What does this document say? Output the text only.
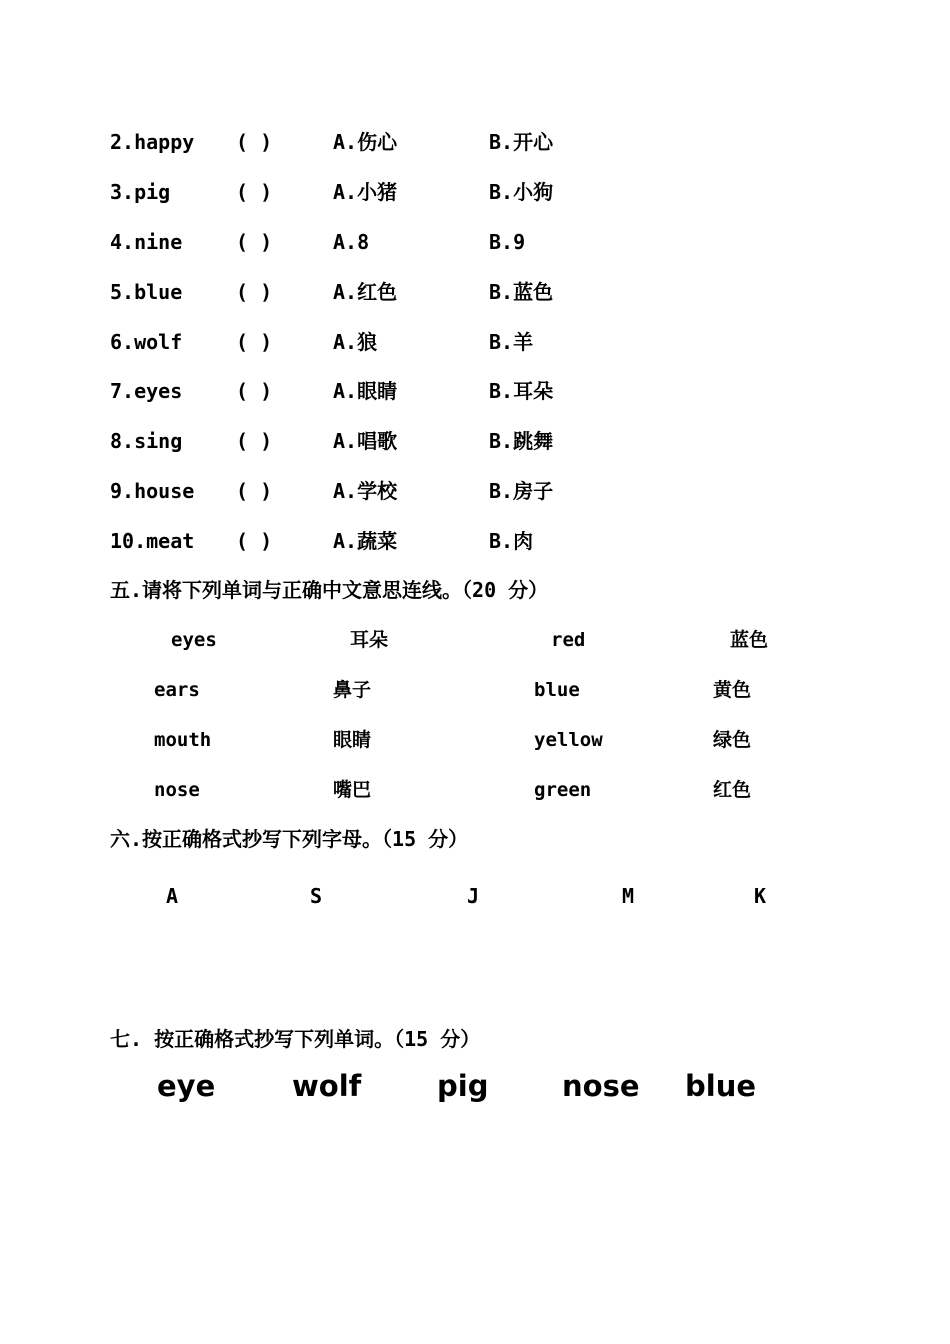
2.happy ( )	A.伤心	B.开心
3.pig	( )	A.小猪	B.小狗
4.nine	( )	A.8	B.9
5.blue	( )	A.红色	B.蓝色
6.wolf	( )	A.狼	B.羊
7.eyes	( )	A.眼睛	B.耳朵
8.sing	( )	A.唱歌	B.跳舞
9.house ( )	A.学校	B.房子
10.meat ( )	A.蔬菜	B.肉
五.请将下列单词与正确中文意思连线。（20 分）
eyes	耳朵	red	蓝色
ears	鼻子	blue	黄色
mouth	眼睛	yellow	绿色
nose	嘴巴	green	红色
六.按正确格式抄写下列字母。（15 分）
A	S	J	M	K
七. 按正确格式抄写下列单词。（15 分）
eye	wolf	pig	nose blue
